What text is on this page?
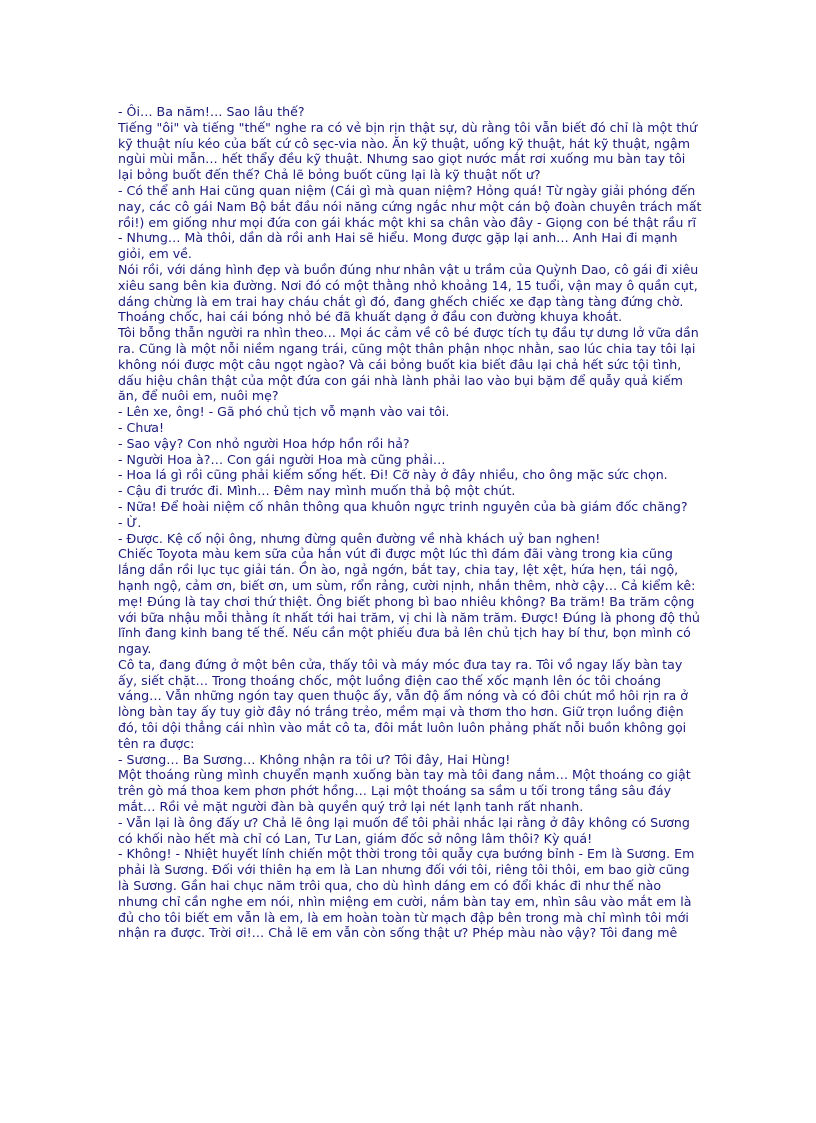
- Ôi… Ba năm!… Sao lâu thế?
Tiếng "ôi" và tiếng "thế" nghe ra có vẻ bịn rịn thật sự, dù rằng tôi vẫn biết đó chỉ là một thứ
kỹ thuật níu kéo của bất cứ cô sẹc-via nào. Ăn kỹ thuật, uống kỹ thuật, hát kỹ thuật, ngậm
ngùi mùi mẫn… hết thẩy đều kỹ thuật. Nhưng sao giọt nước mắt rơi xuống mu bàn tay tôi
lại bỏng buốt đến thế? Chả lẽ bỏng buốt cũng lại là kỹ thuật nốt ư?
- Có thể anh Hai cũng quan niệm (Cái gì mà quan niệm? Hỏng quá! Từ ngày giải phóng đến
nay, các cô gái Nam Bộ bắt đầu nói năng cứng ngắc như một cán bộ đoàn chuyên trách mất
rồi!) em giống như mọi đứa con gái khác một khi sa chân vào đây - Giọng con bé thật rầu rĩ
- Nhưng… Mà thôi, dần dà rồi anh Hai sẽ hiểu. Mong được gặp lại anh… Anh Hai đi mạnh
giỏi, em về.
Nói rồi, với dáng hình đẹp và buồn đúng như nhân vật u trầm của Quỳnh Dao, cô gái đi xiêu
xiêu sang bên kia đường. Nơi đó có một thằng nhỏ khoảng 14, 15 tuổi, vận may ô quần cụt,
dáng chừng là em trai hay cháu chắt gì đó, đang ghếch chiếc xe đạp tàng tàng đứng chờ.
Thoáng chốc, hai cái bóng nhỏ bé đã khuất dạng ở đầu con đường khuya khoắt.
Tôi bỗng thẫn người ra nhìn theo… Mọi ác cảm về cô bé được tích tụ đầu tự dưng lở vữa dần
ra. Cũng là một nỗi niềm ngang trái, cũng một thân phận nhọc nhằn, sao lúc chia tay tôi lại
không nói được một câu ngọt ngào? Và cái bỏng buốt kia biết đâu lại chả hết sức tội tình,
dấu hiệu chân thật của một đứa con gái nhà lành phải lao vào bụi bặm để quẫy quả kiếm
ăn, để nuôi em, nuôi mẹ?
- Lên xe, ông! - Gã phó chủ tịch vỗ mạnh vào vai tôi.
- Chưa!
- Sao vậy? Con nhỏ người Hoa hớp hồn rồi hả?
- Người Hoa à?… Con gái người Hoa mà cũng phải…
- Hoa lá gì rồi cũng phải kiếm sống hết. Đi! Cỡ này ở đây nhiều, cho ông mặc sức chọn.
- Cậu đi trước đi. Mình… Đêm nay mình muốn thả bộ một chút.
- Nữa! Để hoài niệm cố nhân thông qua khuôn ngực trinh nguyên của bà giám đốc chăng?
- Ừ.
- Được. Kệ cố nội ông, nhưng đừng quên đường về nhà khách uỷ ban nghen!
Chiếc Toyota màu kem sữa của hắn vút đi được một lúc thì đám đãi vàng trong kia cũng
lắng dần rồi lục tục giải tán. Ồn ào, ngả ngớn, bắt tay, chia tay, lệt xệt, hứa hẹn, tái ngộ,
hạnh ngộ, cảm ơn, biết ơn, um sùm, rổn rảng, cười nịnh, nhắn thêm, nhờ cậy… Cả kiểm kê:
mẹ! Đúng là tay chơi thứ thiệt. Ông biết phong bì bao nhiêu không? Ba trăm! Ba trăm cộng
với bữa nhậu mỗi thằng ít nhất tới hai trăm, vị chi là năm trăm. Được! Đúng là phong độ thủ
lĩnh đang kinh bang tế thế. Nếu cần một phiếu đưa bả lên chủ tịch hay bí thư, bọn mình có
ngay.
Cô ta, đang đứng ở một bên cửa, thấy tôi và máy móc đưa tay ra. Tôi vồ ngay lấy bàn tay
ấy, siết chặt… Trong thoáng chốc, một luồng điện cao thế xốc mạnh lên óc tôi choáng
váng… Vẫn những ngón tay quen thuộc ấy, vẫn độ ấm nóng và có đôi chút mồ hôi rịn ra ở
lòng bàn tay ấy tuy giờ đây nó trắng trẻo, mềm mại và thơm tho hơn. Giữ trọn luồng điện
đó, tôi dội thẳng cái nhìn vào mắt cô ta, đôi mắt luôn luôn phảng phất nỗi buồn không gọi
tên ra được:
- Sương… Ba Sương… Không nhận ra tôi ư? Tôi đây, Hai Hùng!
Một thoáng rùng mình chuyển mạnh xuống bàn tay mà tôi đang nắm… Một thoáng co giật
trên gò má thoa kem phơn phớt hồng… Lại một thoáng sa sầm u tối trong tầng sâu đáy
mắt… Rồi vẻ mặt người đàn bà quyền quý trở lại nét lạnh tanh rất nhanh.
- Vẫn lại là ông đấy ư? Chả lẽ ông lại muốn để tôi phải nhắc lại rằng ở đây không có Sương
có khối nào hết mà chỉ có Lan, Tư Lan, giám đốc sở nông lâm thôi? Kỳ quá!
- Không! - Nhiệt huyết lính chiến một thời trong tôi quẫy cựa bướng bỉnh - Em là Sương. Em
phải là Sương. Đối với thiên hạ em là Lan nhưng đối với tôi, riêng tôi thôi, em bao giờ cũng
là Sương. Gần hai chục năm trôi qua, cho dù hình dáng em có đổi khác đi như thế nào
nhưng chỉ cần nghe em nói, nhìn miệng em cười, nắm bàn tay em, nhìn sâu vào mắt em là
đủ cho tôi biết em vẫn là em, là em hoàn toàn từ mạch đập bên trong mà chỉ mình tôi mới
nhận ra được. Trời ơi!… Chả lẽ em vẫn còn sống thật ư? Phép màu nào vậy? Tôi đang mê
